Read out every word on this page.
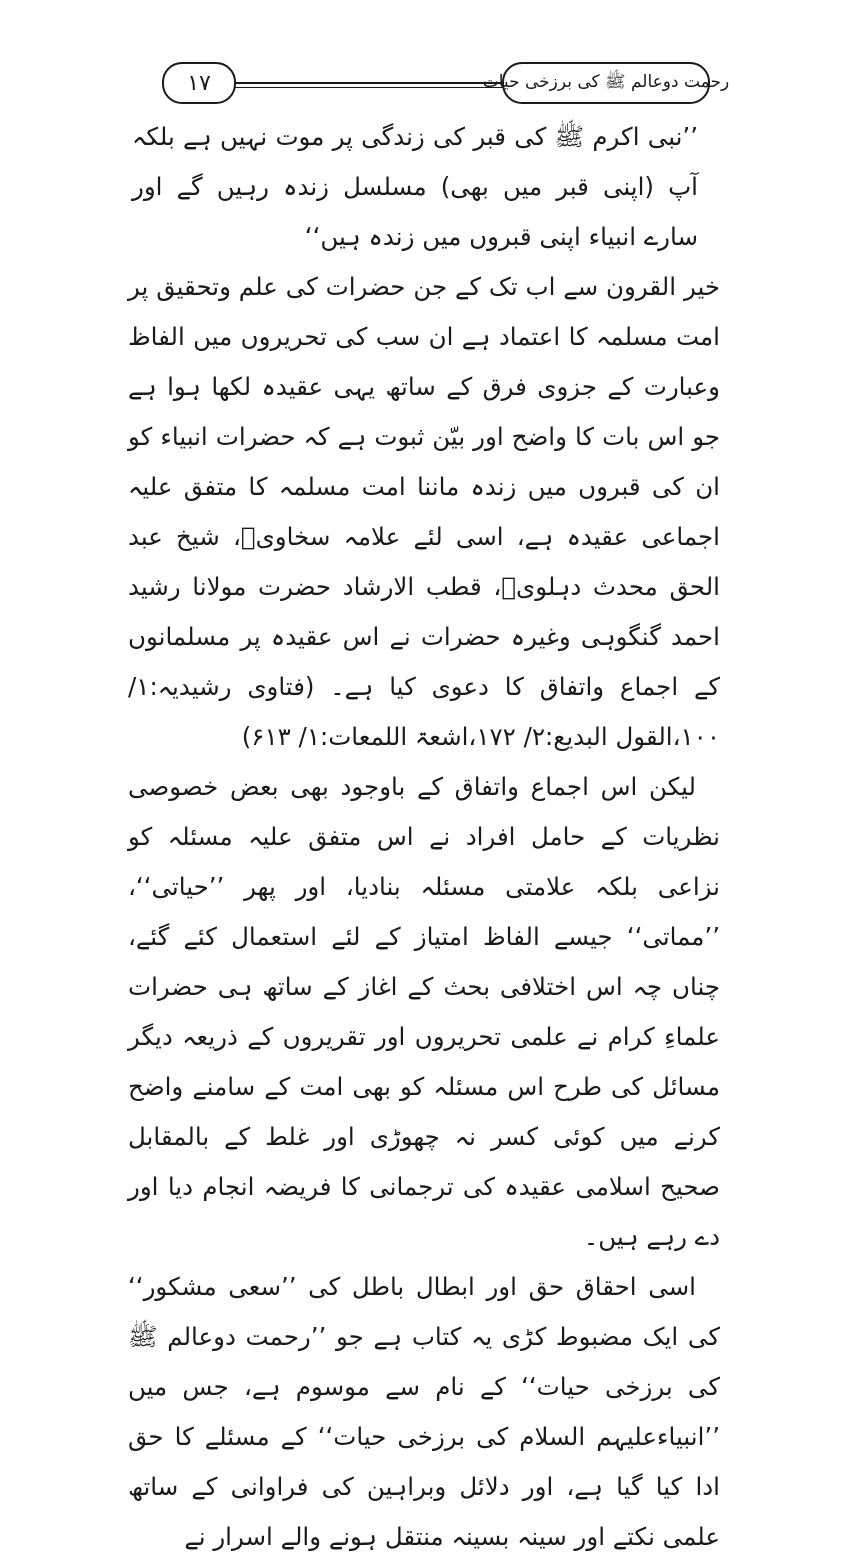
۱۷	رحمت دوعالم ﷺ کی برزخی حیات

’’نبی اکرم ﷺ کی قبر کی زندگی پر موت نہیں ہے بلکہ آپ (اپنی قبر میں بھی) مسلسل زندہ رہیں گے اور سارے انبیاء اپنی قبروں میں زندہ ہیں‘‘

خیر القرون سے اب تک کے جن حضرات کی علم وتحقیق پر امت مسلمہ کا اعتماد ہے ان سب کی تحریروں میں الفاظ وعبارت کے جزوی فرق کے ساتھ یہی عقیدہ لکھا ہوا ہے جو اس بات کا واضح اور بیّن ثبوت ہے کہ حضرات انبیاء کو ان کی قبروں میں زندہ ماننا امت مسلمہ کا متفق علیہ اجماعی عقیدہ ہے، اسی لئے علامہ سخاویؒ، شیخ عبد الحق محدث دہلویؒ، قطب الارشاد حضرت مولانا رشید احمد گنگوہی وغیرہ حضرات نے اس عقیدہ پر مسلمانوں کے اجماع واتفاق کا دعوی کیا ہے۔ (فتاوی رشیدیہ:۱/ ۱۰۰،القول البدیع:۲/ ۱۷۲،اشعۃ اللمعات:۱/ ۶۱۳)

لیکن اس اجماع واتفاق کے باوجود بھی بعض خصوصی نظریات کے حامل افراد نے اس متفق علیہ مسئلہ کو نزاعی بلکہ علامتی مسئلہ بنادیا، اور پھر ’’حیاتی‘‘، ’’مماتی‘‘ جیسے الفاظ امتیاز کے لئے استعمال کئے گئے، چناں چہ اس اختلافی بحث کے اغاز کے ساتھ ہی حضرات علماءِ کرام نے علمی تحریروں اور تقریروں کے ذریعہ دیگر مسائل کی طرح اس مسئلہ کو بھی امت کے سامنے واضح کرنے میں کوئی کسر نہ چھوڑی اور غلط کے بالمقابل صحیح اسلامی عقیدہ کی ترجمانی کا فریضہ انجام دیا اور دے رہے ہیں۔

اسی احقاق حق اور ابطال باطل کی ’’سعی مشکور‘‘ کی ایک مضبوط کڑی یہ کتاب ہے جو ’’رحمت دوعالم ﷺ کی برزخی حیات‘‘ کے نام سے موسوم ہے، جس میں ’’انبیاءعلیہم السلام کی برزخی حیات‘‘ کے مسئلے کا حق ادا کیا گیا ہے، اور دلائل وبراہین کی فراوانی کے ساتھ علمی نکتے اور سینہ بسینہ منتقل ہونے والے اسرار نے
